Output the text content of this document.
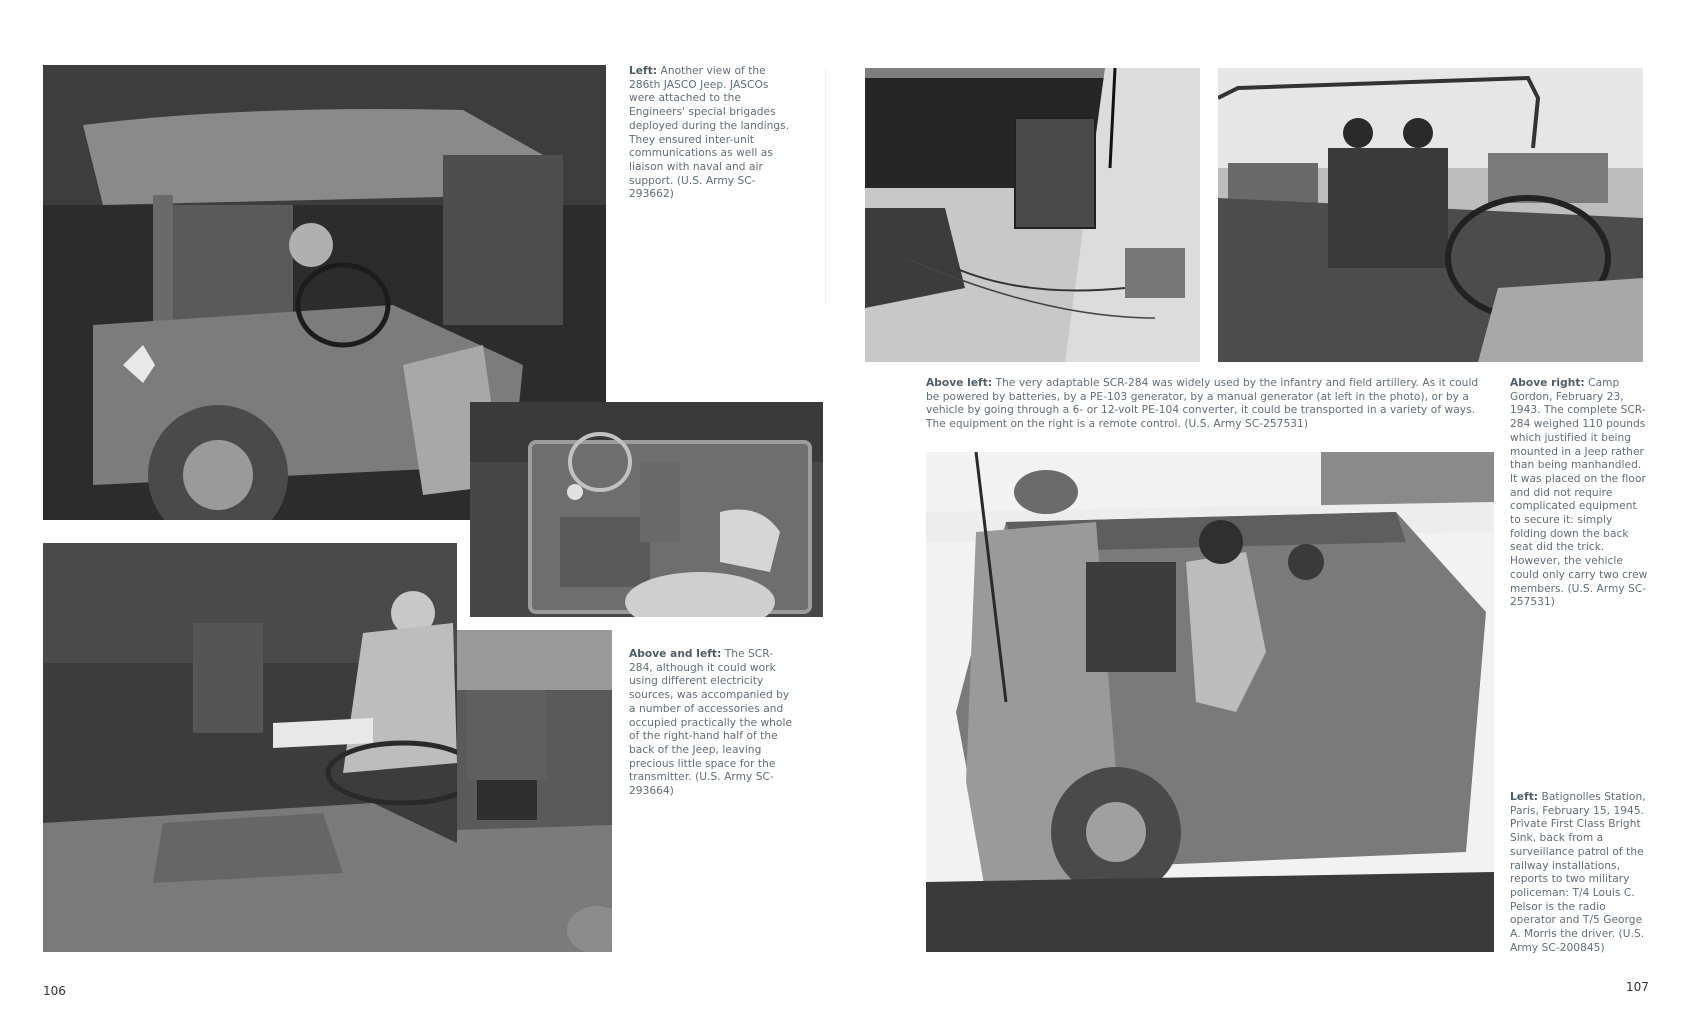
Left: Another view of the 286th JASCO Jeep. JASCOs were attached to the Engineers' special brigades deployed during the landings. They ensured inter-unit communications as well as liaison with naval and air support. (U.S. Army SC-293662)
Above and left: The SCR-284, although it could work using different electricity sources, was accompanied by a number of accessories and occupied practically the whole of the right-hand half of the back of the Jeep, leaving precious little space for the transmitter. (U.S. Army SC-293664)
Above left: The very adaptable SCR-284 was widely used by the infantry and field artillery. As it could be powered by batteries, by a PE-103 generator, by a manual generator (at left in the photo), or by a vehicle by going through a 6- or 12-volt PE-104 converter, it could be transported in a variety of ways. The equipment on the right is a remote control. (U.S. Army SC-257531)
Above right: Camp Gordon, February 23, 1943. The complete SCR-284 weighed 110 pounds which justified it being mounted in a Jeep rather than being manhandled. It was placed on the floor and did not require complicated equipment to secure it: simply folding down the back seat did the trick. However, the vehicle could only carry two crew members. (U.S. Army SC-257531)
Left: Batignolles Station, Paris, February 15, 1945. Private First Class Bright Sink, back from a surveillance patrol of the railway installations, reports to two military policeman: T/4 Louis C. Pelsor is the radio operator and T/5 George A. Morris the driver. (U.S. Army SC-200845)
106	107
